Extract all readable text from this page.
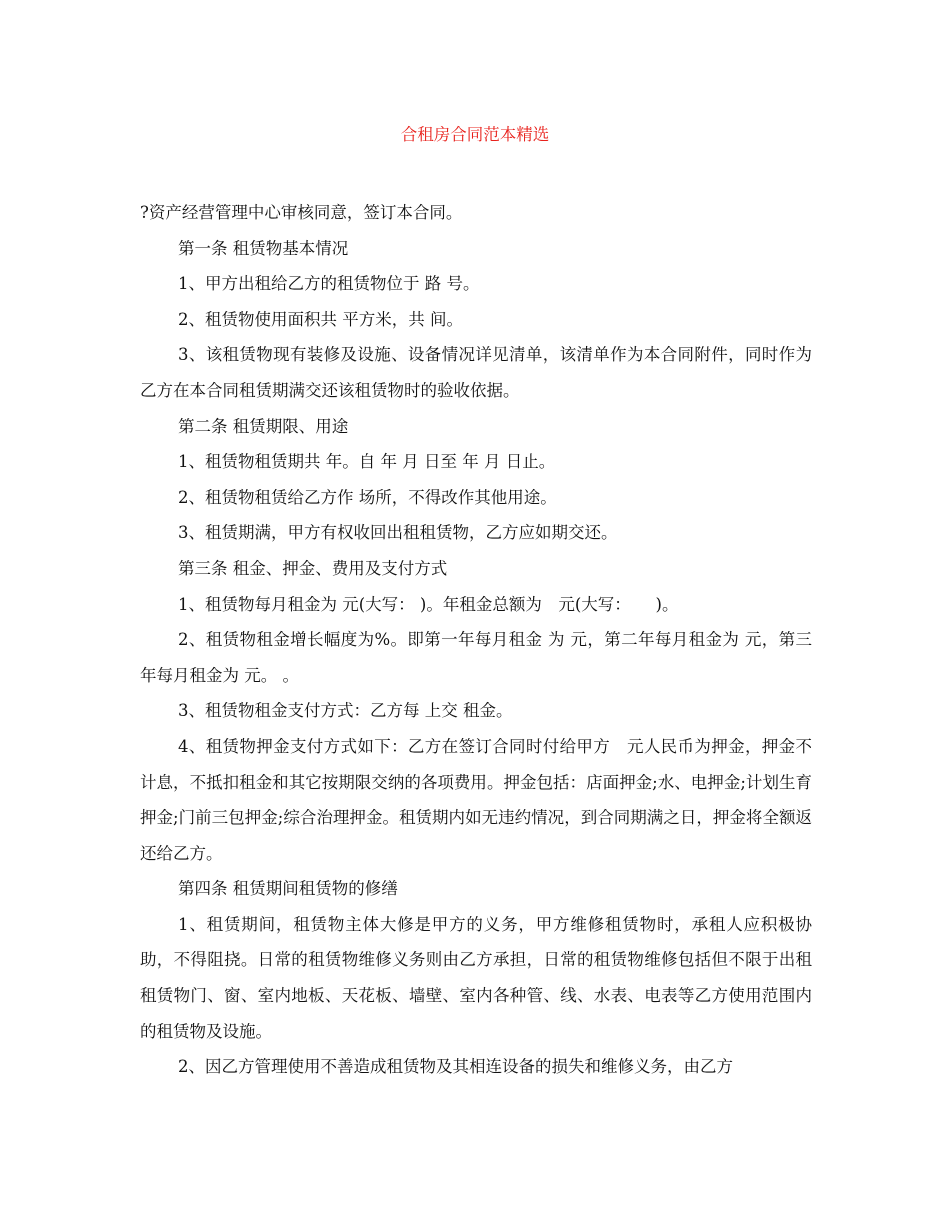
合租房合同范本精选

?资产经营管理中心审核同意，签订本合同。

第一条 租赁物基本情况

1、甲方出租给乙方的租赁物位于 路 号。

2、租赁物使用面积共 平方米，共 间。

3、该租赁物现有装修及设施、设备情况详见清单，该清单作为本合同附件，同时作为乙方在本合同租赁期满交还该租赁物时的验收依据。

第二条 租赁期限、用途

1、租赁物租赁期共 年。自 年 月 日至 年 月 日止。

2、租赁物租赁给乙方作 场所，不得改作其他用途。

3、租赁期满，甲方有权收回出租租赁物，乙方应如期交还。

第三条 租金、押金、费用及支付方式

1、租赁物每月租金为 元(大写： )。年租金总额为　元(大写：　　)。

2、租赁物租金增长幅度为%。即第一年每月租金 为 元，第二年每月租金为 元，第三年每月租金为 元。 。

3、租赁物租金支付方式：乙方每 上交 租金。

4、租赁物押金支付方式如下：乙方在签订合同时付给甲方　元人民币为押金，押金不计息，不抵扣租金和其它按期限交纳的各项费用。押金包括：店面押金;水、电押金;计划生育押金;门前三包押金;综合治理押金。租赁期内如无违约情况，到合同期满之日，押金将全额返还给乙方。

第四条 租赁期间租赁物的修缮

1、租赁期间，租赁物主体大修是甲方的义务，甲方维修租赁物时，承租人应积极协助，不得阻挠。日常的租赁物维修义务则由乙方承担，日常的租赁物维修包括但不限于出租租赁物门、窗、室内地板、天花板、墙壁、室内各种管、线、水表、电表等乙方使用范围内的租赁物及设施。

2、因乙方管理使用不善造成租赁物及其相连设备的损失和维修义务，由乙方
